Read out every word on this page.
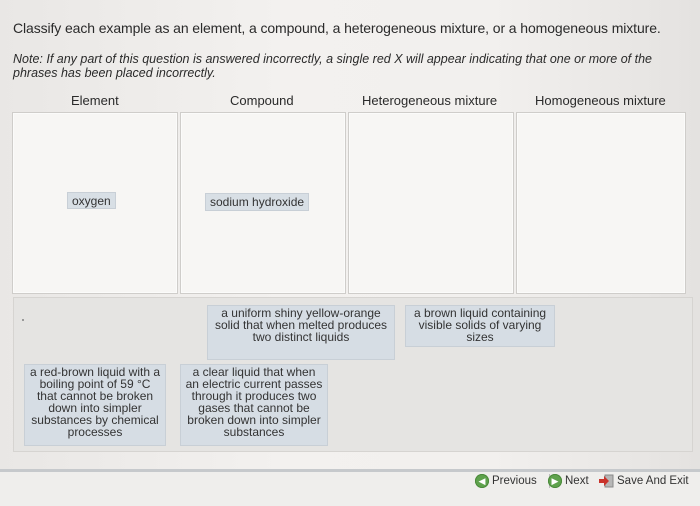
Classify each example as an element, a compound, a heterogeneous mixture, or a homogeneous mixture.
Note: If any part of this question is answered incorrectly, a single red X will appear indicating that one or more of the phrases has been placed incorrectly.
Element	Compound	Heterogeneous mixture	Homogeneous mixture
oxygen	sodium hydroxide
a uniform shiny yellow-orange solid that when melted produces two distinct liquids
a brown liquid containing visible solids of varying sizes
a red-brown liquid with a boiling point of 59 °C that cannot be broken down into simpler substances by chemical processes
a clear liquid that when an electric current passes through it produces two gases that cannot be broken down into simpler substances
◀ Previous	▶ Next Save And Exit
